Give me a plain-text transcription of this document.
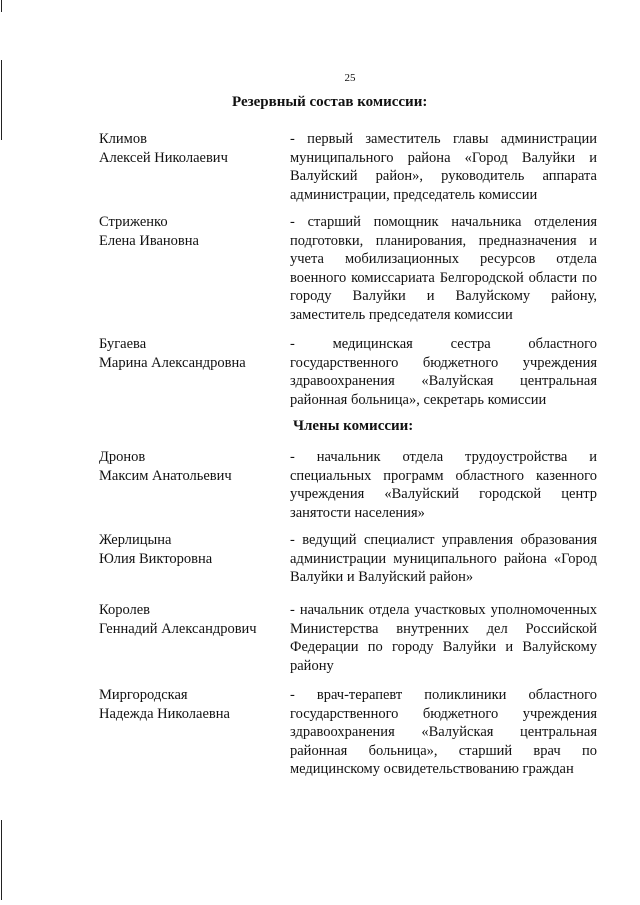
25
Резервный состав комиссии:
Климов
Алексей Николаевич
- первый заместитель главы администрации муниципального района «Город Валуйки и Валуйский район», руководитель аппарата администрации, председатель комиссии
Стриженко
Елена Ивановна
- старший помощник начальника отделения подготовки, планирования, предназначения и учета мобилизационных ресурсов отдела военного комиссариата Белгородской области по городу Валуйки и Валуйскому району, заместитель председателя комиссии
Бугаева
Марина Александровна
- медицинская сестра областного государственного бюджетного учреждения здравоохранения «Валуйская центральная районная больница», секретарь комиссии
Члены комиссии:
Дронов
Максим Анатольевич
- начальник отдела трудоустройства и специальных программ областного казенного учреждения «Валуйский городской центр занятости населения»
Жерлицына
Юлия Викторовна
- ведущий специалист управления образования администрации муниципального района «Город Валуйки и Валуйский район»
Королев
Геннадий Александрович
- начальник отдела участковых уполномоченных Министерства внутренних дел Российской Федерации по городу Валуйки и Валуйскому району
Миргородская
Надежда Николаевна
- врач-терапевт поликлиники областного государственного бюджетного учреждения здравоохранения «Валуйская центральная районная больница», старший врач по медицинскому освидетельствованию граждан
